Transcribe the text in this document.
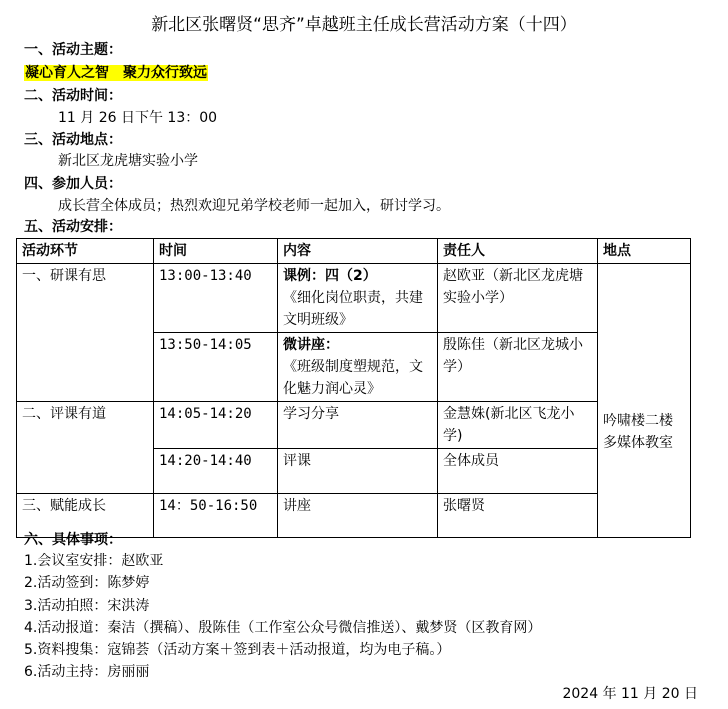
新北区张曙贤“思齐”卓越班主任成长营活动方案（十四）
一、活动主题：
凝心育人之智　聚力众行致远
二、活动时间：
11 月 26 日下午 13：00
三、活动地点：
新北区龙虎塘实验小学
四、参加人员：
成长营全体成员；热烈欢迎兄弟学校老师一起加入，研讨学习。
五、活动安排：
活动环节	时间	内容	责任人	地点
一、研课有思	13:00-13:40	课例：四（2）
《细化岗位职责，共建文明班级》	赵欧亚（新北区龙虎塘实验小学）	吟啸楼二楼多媒体教室
	13:50-14:05	微讲座：
《班级制度塑规范，文化魅力润心灵》	殷陈佳（新北区龙城小学）	
二、评课有道	14:05-14:20	学习分享	金慧姝(新北区飞龙小学)	
	14:20-14:40	评课	全体成员	
三、赋能成长	14：50-16:50	讲座	张曙贤	
六、具体事项：
1.会议室安排：赵欧亚
2.活动签到：陈梦婷
3.活动拍照：宋洪涛
4.活动报道：秦洁（撰稿）、殷陈佳（工作室公众号微信推送）、戴梦贤（区教育网）
5.资料搜集：寇锦荟（活动方案＋签到表＋活动报道，均为电子稿。）
6.活动主持：房丽丽
2024 年 11 月 20 日
